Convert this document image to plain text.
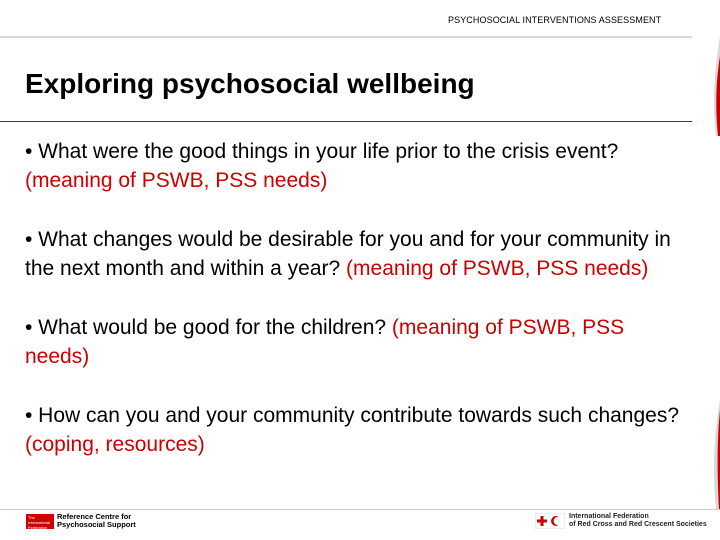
PSYCHOSOCIAL INTERVENTIONS ASSESSMENT
Exploring psychosocial wellbeing

• What were the good things in your life prior to the crisis event? (meaning of PSWB, PSS needs)

• What changes would be desirable for you and for your community in the next month and within a year? (meaning of PSWB, PSS needs)

• What would be good for the children? (meaning of PSWB, PSS needs)

• How can you and your community contribute towards such changes? (coping, resources)

The International Federation
Reference Centre for
Psychosocial Support
International Federation
of Red Cross and Red Crescent Societies
